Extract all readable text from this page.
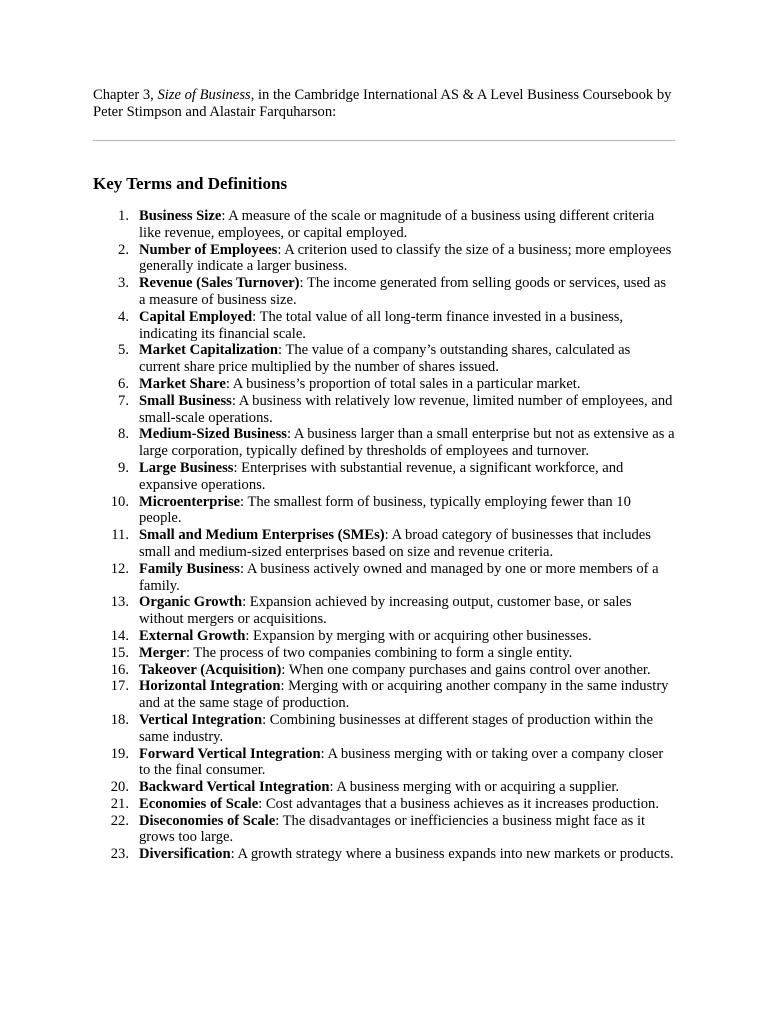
Chapter 3, Size of Business, in the Cambridge International AS & A Level Business Coursebook by Peter Stimpson and Alastair Farquharson:

Key Terms and Definitions
1. Business Size: A measure of the scale or magnitude of a business using different criteria like revenue, employees, or capital employed.
2. Number of Employees: A criterion used to classify the size of a business; more employees generally indicate a larger business.
3. Revenue (Sales Turnover): The income generated from selling goods or services, used as a measure of business size.
4. Capital Employed: The total value of all long-term finance invested in a business, indicating its financial scale.
5. Market Capitalization: The value of a company’s outstanding shares, calculated as current share price multiplied by the number of shares issued.
6. Market Share: A business’s proportion of total sales in a particular market.
7. Small Business: A business with relatively low revenue, limited number of employees, and small-scale operations.
8. Medium-Sized Business: A business larger than a small enterprise but not as extensive as a large corporation, typically defined by thresholds of employees and turnover.
9. Large Business: Enterprises with substantial revenue, a significant workforce, and expansive operations.
10. Microenterprise: The smallest form of business, typically employing fewer than 10 people.
11. Small and Medium Enterprises (SMEs): A broad category of businesses that includes small and medium-sized enterprises based on size and revenue criteria.
12. Family Business: A business actively owned and managed by one or more members of a family.
13. Organic Growth: Expansion achieved by increasing output, customer base, or sales without mergers or acquisitions.
14. External Growth: Expansion by merging with or acquiring other businesses.
15. Merger: The process of two companies combining to form a single entity.
16. Takeover (Acquisition): When one company purchases and gains control over another.
17. Horizontal Integration: Merging with or acquiring another company in the same industry and at the same stage of production.
18. Vertical Integration: Combining businesses at different stages of production within the same industry.
19. Forward Vertical Integration: A business merging with or taking over a company closer to the final consumer.
20. Backward Vertical Integration: A business merging with or acquiring a supplier.
21. Economies of Scale: Cost advantages that a business achieves as it increases production.
22. Diseconomies of Scale: The disadvantages or inefficiencies a business might face as it grows too large.
23. Diversification: A growth strategy where a business expands into new markets or products.
